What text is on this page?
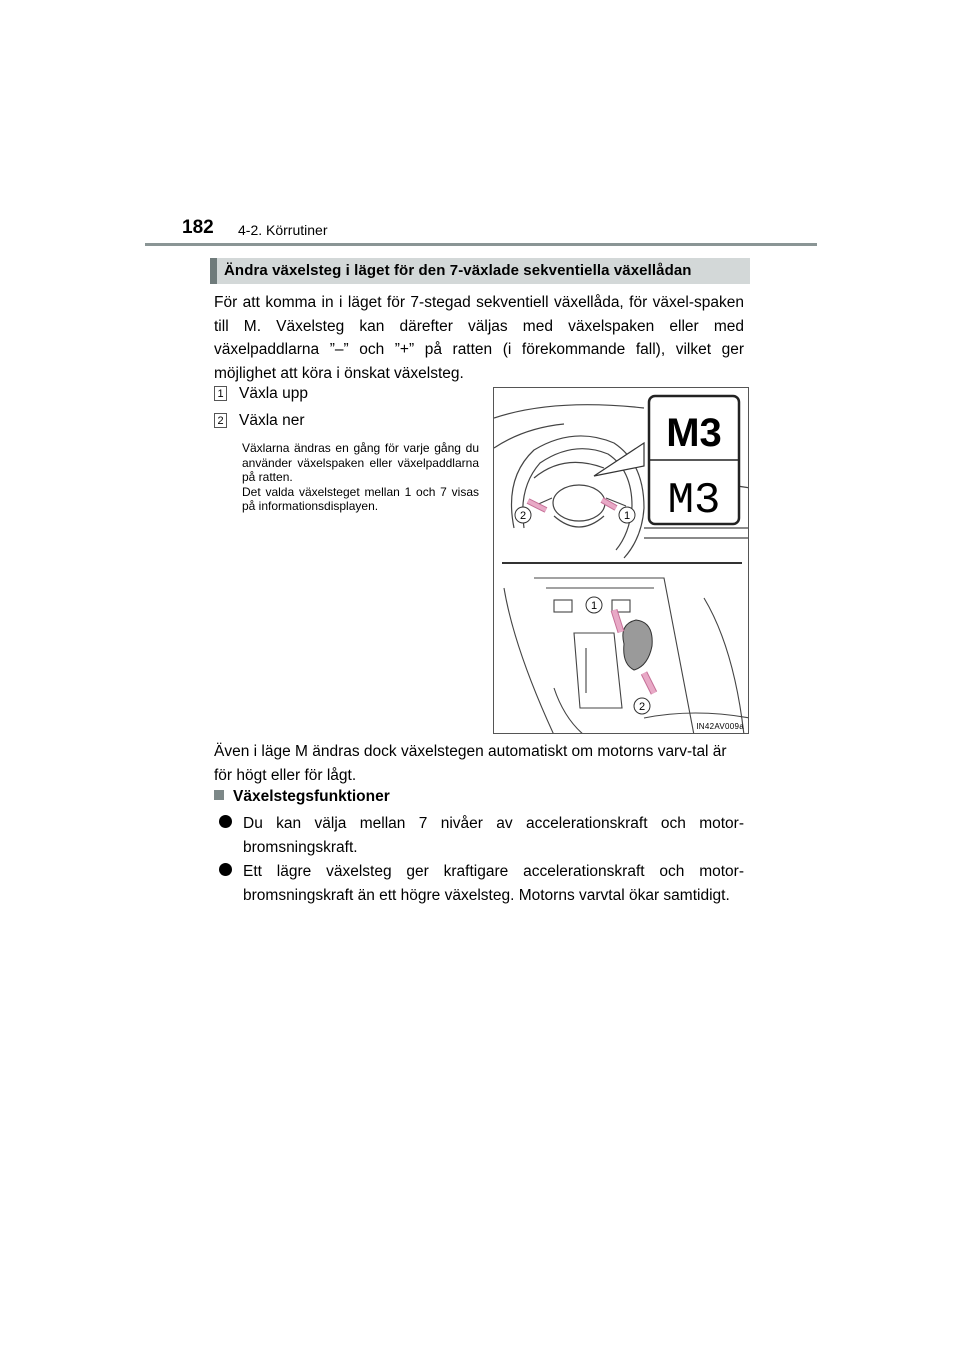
182 4-2. Körrutiner
Ändra växelsteg i läget för den 7-växlade sekventiella växellådan
För att komma in i läget för 7-stegad sekventiell växellåda, för växel-spaken till M. Växelsteg kan därefter väljas med växelspaken eller med växelpaddlarna ”–” och ”+” på ratten (i förekommande fall), vilket ger möjlighet att köra i önskat växelsteg.
1 Växla upp
2 Växla ner

Växlarna ändras en gång för varje gång du använder växelspaken eller växelpaddlarna på ratten.

Det valda växelsteget mellan 1 och 7 visas på informationsdisplayen.

M3
M3
2	1
1
2
IN42AV009a
Även i läge M ändras dock växelstegen automatiskt om motorns varv-tal är för högt eller för lågt.
Växelstegsfunktioner
Du kan välja mellan 7 nivåer av accelerationskraft och motor-bromsningskraft.
Ett lägre växelsteg ger kraftigare accelerationskraft och motor-bromsningskraft än ett högre växelsteg. Motorns varvtal ökar samtidigt.
